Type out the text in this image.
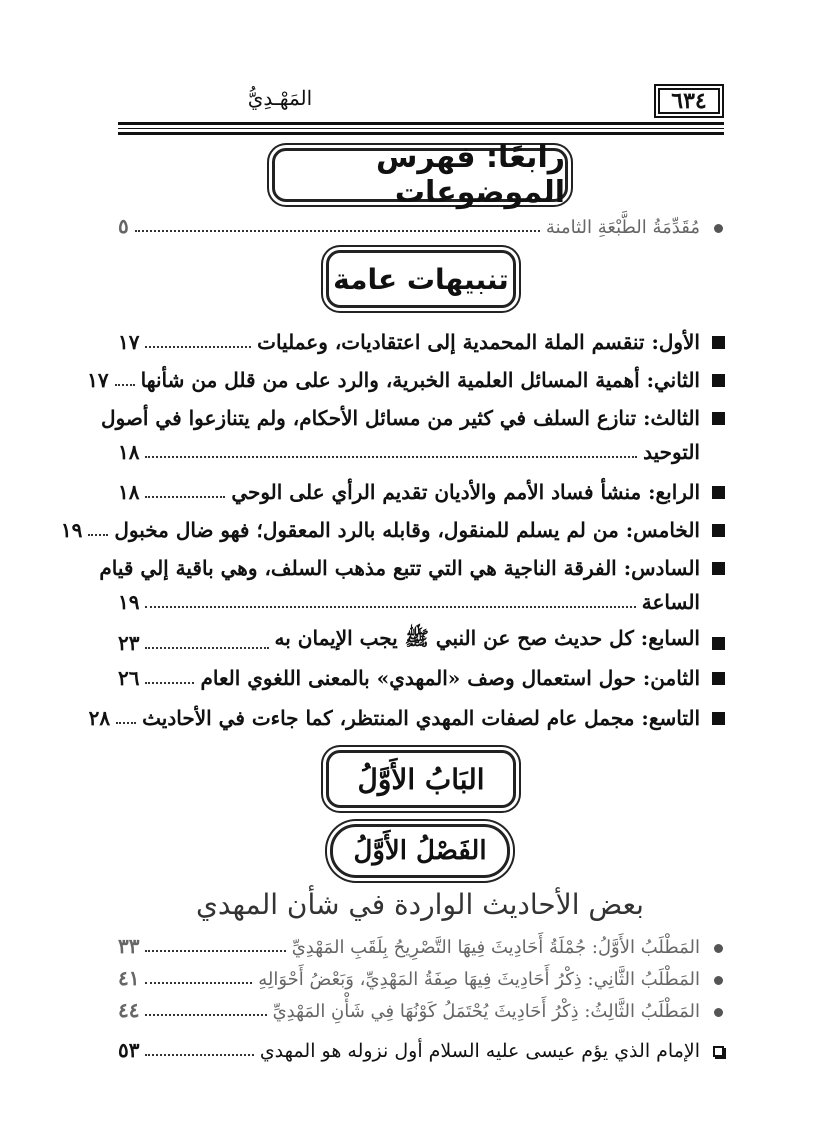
٦٣٤
المَهْـدِيُّ
رابعًا: فهرس الموضوعات
مُقَدِّمَةُ الطَّبْعَةِ الثامنة
٥
تنبيهات عامة
الأول: تنقسم الملة المحمدية إلى اعتقاديات، وعمليات
١٧
الثاني: أهمية المسائل العلمية الخبرية، والرد على من قلل من شأنها
١٧
الثالث: تنازع السلف في كثير من مسائل الأحكام، ولم يتنازعوا في أصول
التوحيد
١٨
الرابع: منشأ فساد الأمم والأديان تقديم الرأي على الوحي
١٨
الخامس: من لم يسلم للمنقول، وقابله بالرد المعقول؛ فهو ضال مخبول
١٩
السادس: الفرقة الناجية هي التي تتبع مذهب السلف، وهي باقية إلي قيام
الساعة
١٩
السابع: كل حديث صح عن النبي ﷺ يجب الإيمان به
٢٣
الثامن: حول استعمال وصف «المهدي» بالمعنى اللغوي العام
٢٦
التاسع: مجمل عام لصفات المهدي المنتظر، كما جاءت في الأحاديث
٢٨
البَابُ الأَوَّلُ
الفَصْلُ الأَوَّلُ
بعض الأحاديث الواردة في شأن المهدي
المَطْلَبُ الأَوَّلُ: جُمْلَةُ أَحَادِيثَ فِيهَا التَّصْرِيحُ بِلَقَبِ المَهْدِيِّ
٣٣
المَطْلَبُ الثَّانِي: ذِكْرُ أَحَادِيثَ فِيهَا صِفَةُ المَهْدِيِّ، وَبَعْضُ أَحْوَالِهِ
٤١
المَطْلَبُ الثَّالِثُ: ذِكْرُ أَحَادِيثَ يُحْتَمَلُ كَوْنُهَا فِي شَأْنِ المَهْدِيِّ
٤٤
الإمام الذي يؤم عيسى عليه السلام أول نزوله هو المهدي
٥٣
